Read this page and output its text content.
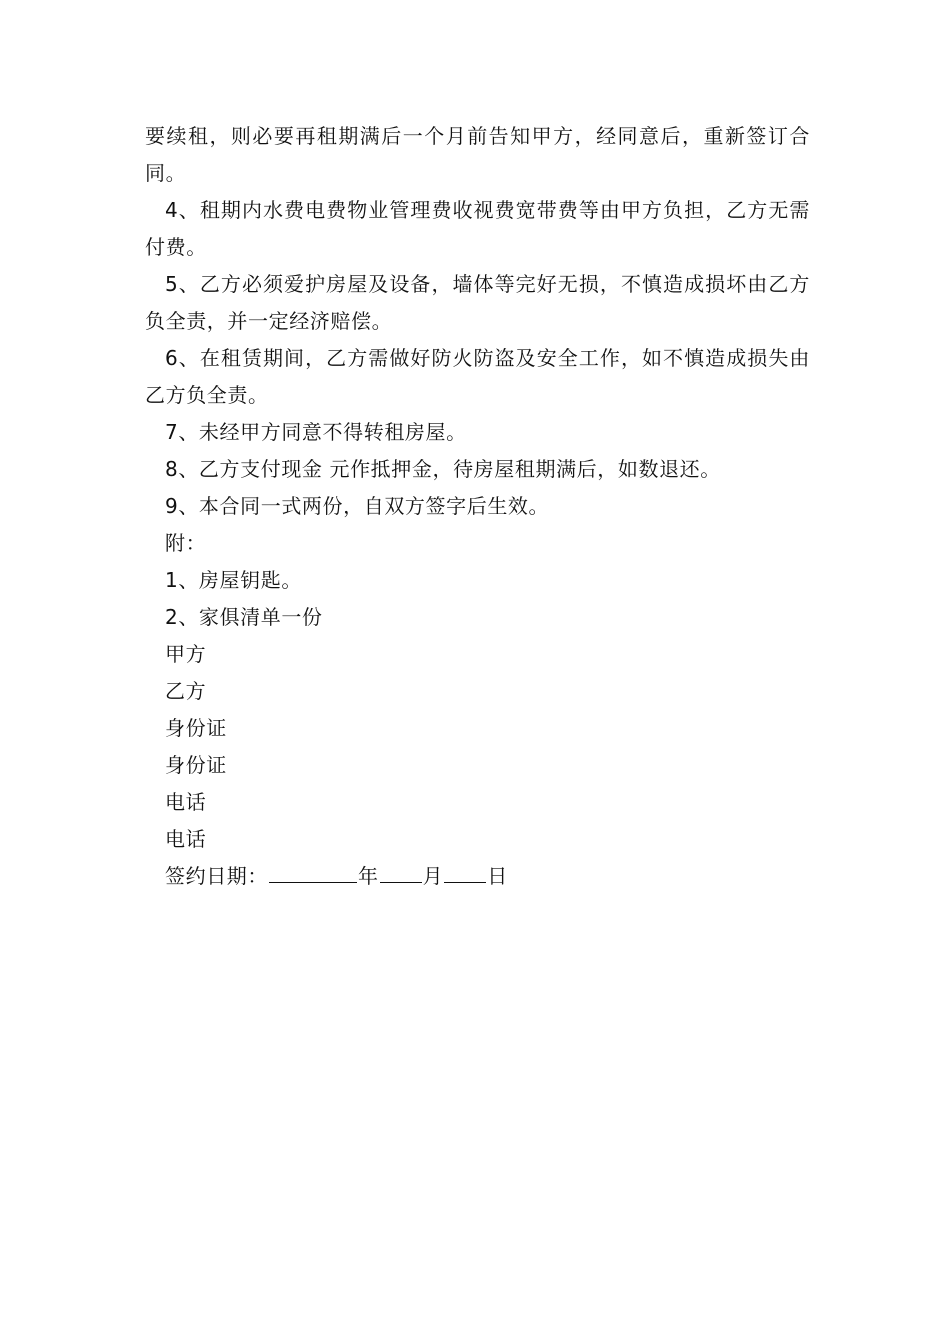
要续租，则必要再租期满后一个月前告知甲方，经同意后，重新签订合同。

4、租期内水费电费物业管理费收视费宽带费等由甲方负担，乙方无需付费。

5、乙方必须爱护房屋及设备，墙体等完好无损，不慎造成损坏由乙方负全责，并一定经济赔偿。

6、在租赁期间，乙方需做好防火防盗及安全工作，如不慎造成损失由乙方负全责。

7、未经甲方同意不得转租房屋。

8、乙方支付现金 元作抵押金，待房屋租期满后，如数退还。

9、本合同一式两份，自双方签字后生效。

附：

1、房屋钥匙。

2、家俱清单一份

甲方

乙方

身份证

身份证

电话

电话

签约日期：	年 月 日
